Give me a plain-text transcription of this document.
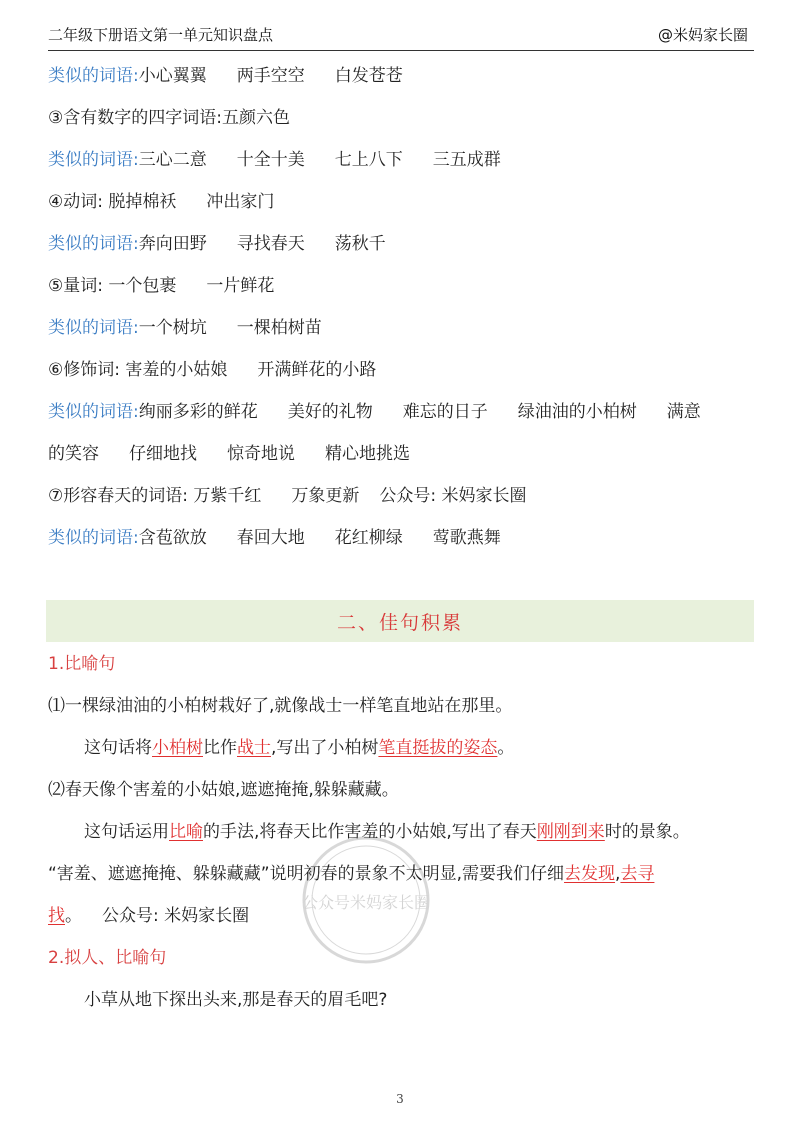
二年级下册语文第一单元知识盘点	@米妈家长圈
类似的词语:小心翼翼 两手空空 白发苍苍
③含有数字的四字词语:五颜六色
类似的词语:三心二意 十全十美 七上八下 三五成群
④动词: 脱掉棉袄 冲出家门
类似的词语:奔向田野 寻找春天 荡秋千
⑤量词: 一个包裹 一片鲜花
类似的词语:一个树坑 一棵柏树苗
⑥修饰词: 害羞的小姑娘 开满鲜花的小路
类似的词语:绚丽多彩的鲜花 美好的礼物 难忘的日子 绿油油的小柏树 满意
的笑容 仔细地找 惊奇地说 精心地挑选
⑦形容春天的词语: 万紫千红 万象更新 公众号: 米妈家长圈
类似的词语:含苞欲放 春回大地 花红柳绿 莺歌燕舞
二、佳句积累
1.比喻句
⑴一棵绿油油的小柏树栽好了,就像战士一样笔直地站在那里。
这句话将小柏树比作战士,写出了小柏树笔直挺拔的姿态。
⑵春天像个害羞的小姑娘,遮遮掩掩,躲躲藏藏。
这句话运用比喻的手法,将春天比作害羞的小姑娘,写出了春天刚刚到来时的景象。
“害羞、遮遮掩掩、躲躲藏藏”说明初春的景象不太明显,需要我们仔细去发现,去寻
找。 公众号: 米妈家长圈
2.拟人、比喻句
小草从地下探出头来,那是春天的眉毛吧?
公众号米妈家长圈
3
